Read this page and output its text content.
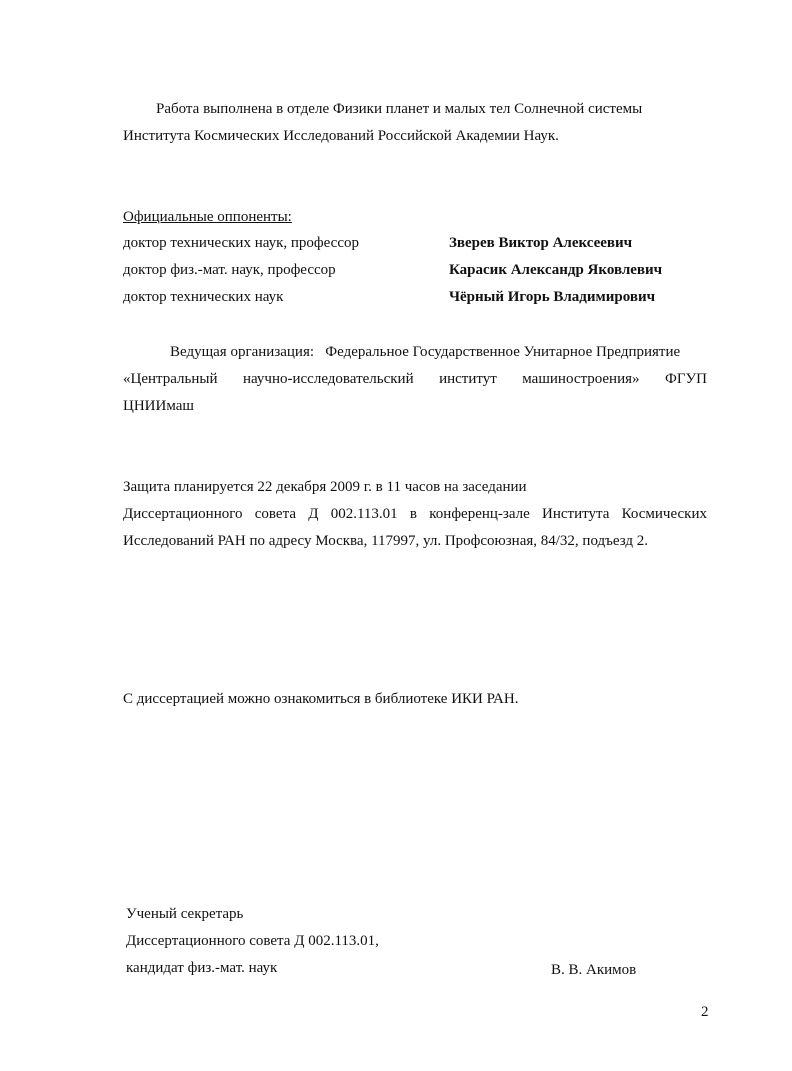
Работа выполнена в отделе Физики планет и малых тел Солнечной системы
Института Космических Исследований Российской Академии Наук.
Официальные оппоненты:
доктор технических наук, профессор	Зверев Виктор Алексеевич
доктор физ.-мат. наук, профессор	Карасик Александр Яковлевич
доктор технических наук	Чёрный Игорь Владимирович
Ведущая организация:   Федеральное Государственное Унитарное Предприятие
«Центральный научно-исследовательский институт машиностроения» ФГУП
ЦНИИмаш
Защита планируется 22 декабря 2009 г. в 11 часов на заседании
Диссертационного совета Д 002.113.01 в конференц-зале Института Космических
Исследований РАН по адресу Москва, 117997, ул. Профсоюзная, 84/32, подъезд 2.
С диссертацией можно ознакомиться в библиотеке ИКИ РАН.
Ученый секретарь
Диссертационного совета Д 002.113.01,
кандидат физ.-мат. наук	В. В. Акимов
2
